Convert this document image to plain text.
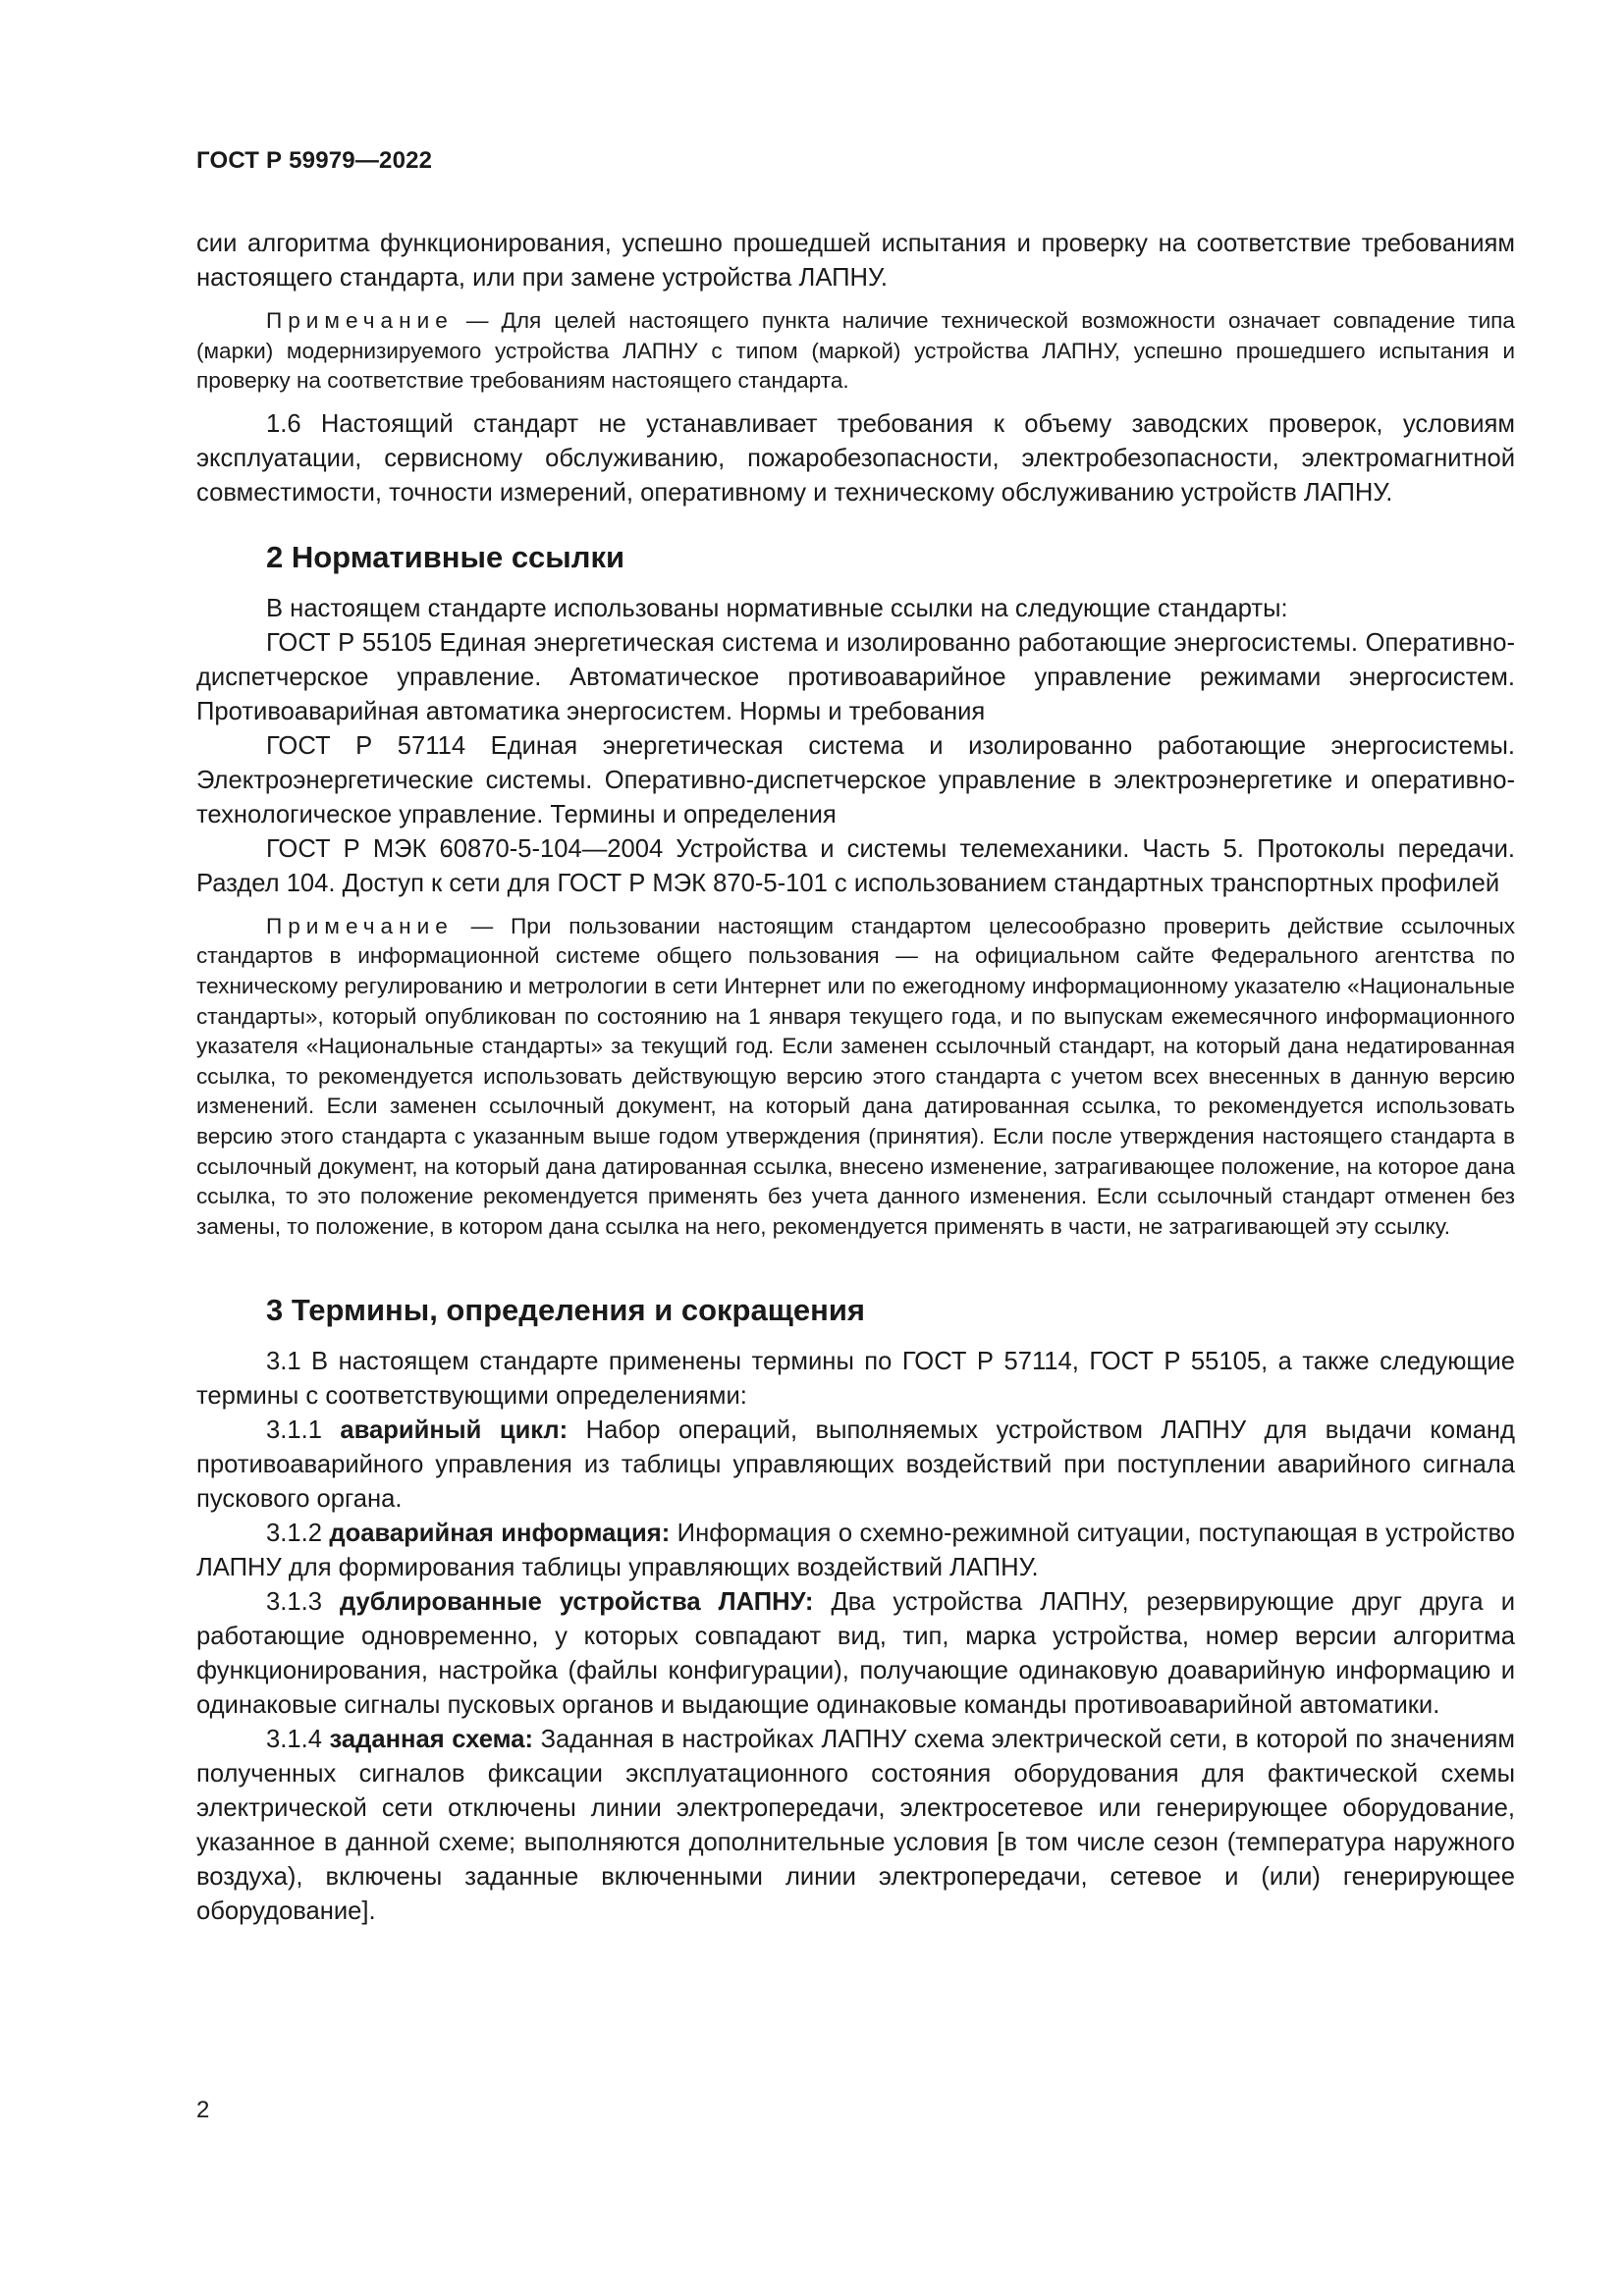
ГОСТ Р 59979—2022

сии алгоритма функционирования, успешно прошедшей испытания и проверку на соответствие требованиям настоящего стандарта, или при замене устройства ЛАПНУ.

Примечание — Для целей настоящего пункта наличие технической возможности означает совпадение типа (марки) модернизируемого устройства ЛАПНУ с типом (маркой) устройства ЛАПНУ, успешно прошедшего испытания и проверку на соответствие требованиям настоящего стандарта.

1.6 Настоящий стандарт не устанавливает требования к объему заводских проверок, условиям эксплуатации, сервисному обслуживанию, пожаробезопасности, электробезопасности, электромагнитной совместимости, точности измерений, оперативному и техническому обслуживанию устройств ЛАПНУ.

2 Нормативные ссылки

В настоящем стандарте использованы нормативные ссылки на следующие стандарты:

ГОСТ Р 55105 Единая энергетическая система и изолированно работающие энергосистемы. Оперативно-диспетчерское управление. Автоматическое противоаварийное управление режимами энергосистем. Противоаварийная автоматика энергосистем. Нормы и требования

ГОСТ Р 57114 Единая энергетическая система и изолированно работающие энергосистемы. Электроэнергетические системы. Оперативно-диспетчерское управление в электроэнергетике и оперативно-технологическое управление. Термины и определения

ГОСТ Р МЭК 60870-5-104—2004 Устройства и системы телемеханики. Часть 5. Протоколы передачи. Раздел 104. Доступ к сети для ГОСТ Р МЭК 870-5-101 с использованием стандартных транспортных профилей

Примечание — При пользовании настоящим стандартом целесообразно проверить действие ссылочных стандартов в информационной системе общего пользования — на официальном сайте Федерального агентства по техническому регулированию и метрологии в сети Интернет или по ежегодному информационному указателю «Национальные стандарты», который опубликован по состоянию на 1 января текущего года, и по выпускам ежемесячного информационного указателя «Национальные стандарты» за текущий год. Если заменен ссылочный стандарт, на который дана недатированная ссылка, то рекомендуется использовать действующую версию этого стандарта с учетом всех внесенных в данную версию изменений. Если заменен ссылочный документ, на который дана датированная ссылка, то рекомендуется использовать версию этого стандарта с указанным выше годом утверждения (принятия). Если после утверждения настоящего стандарта в ссылочный документ, на который дана датированная ссылка, внесено изменение, затрагивающее положение, на которое дана ссылка, то это положение рекомендуется применять без учета данного изменения. Если ссылочный стандарт отменен без замены, то положение, в котором дана ссылка на него, рекомендуется применять в части, не затрагивающей эту ссылку.

3 Термины, определения и сокращения

3.1 В настоящем стандарте применены термины по ГОСТ Р 57114, ГОСТ Р 55105, а также следующие термины с соответствующими определениями:

3.1.1 аварийный цикл: Набор операций, выполняемых устройством ЛАПНУ для выдачи команд противоаварийного управления из таблицы управляющих воздействий при поступлении аварийного сигнала пускового органа.

3.1.2 доаварийная информация: Информация о схемно-режимной ситуации, поступающая в устройство ЛАПНУ для формирования таблицы управляющих воздействий ЛАПНУ.

3.1.3 дублированные устройства ЛАПНУ: Два устройства ЛАПНУ, резервирующие друг друга и работающие одновременно, у которых совпадают вид, тип, марка устройства, номер версии алгоритма функционирования, настройка (файлы конфигурации), получающие одинаковую доаварийную информацию и одинаковые сигналы пусковых органов и выдающие одинаковые команды противоаварийной автоматики.

3.1.4 заданная схема: Заданная в настройках ЛАПНУ схема электрической сети, в которой по значениям полученных сигналов фиксации эксплуатационного состояния оборудования для фактической схемы электрической сети отключены линии электропередачи, электросетевое или генерирующее оборудование, указанное в данной схеме; выполняются дополнительные условия [в том числе сезон (температура наружного воздуха), включены заданные включенными линии электропередачи, сетевое и (или) генерирующее оборудование].

2
